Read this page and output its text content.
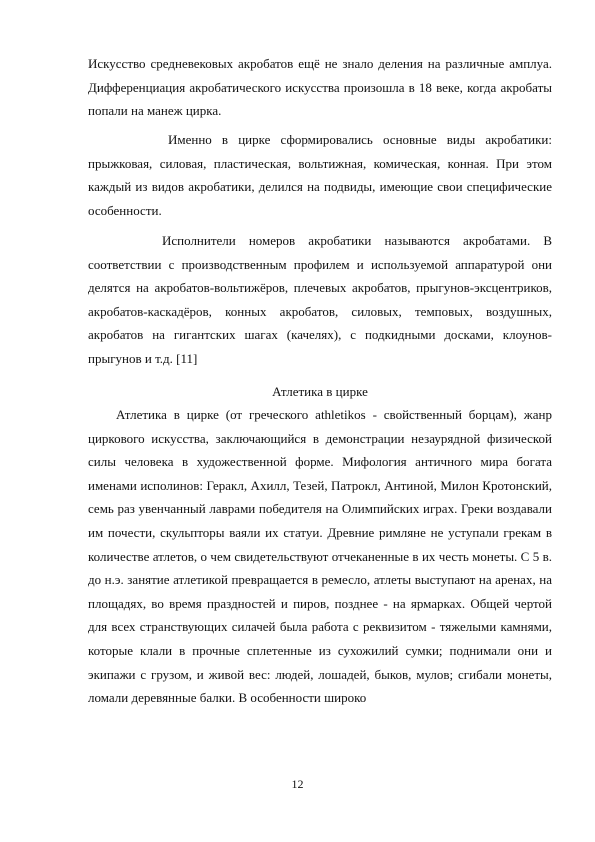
Искусство средневековых акробатов ещё не знало деления на различные амплуа. Дифференциация акробатического искусства произошла в 18 веке, когда акробаты попали на манеж цирка.

Именно в цирке сформировались основные виды акробатики: прыжковая, силовая, пластическая, вольтижная, комическая, конная. При этом каждый из видов акробатики, делился на подвиды, имеющие свои специфические особенности.

Исполнители номеров акробатики называются акробатами. В соответствии с производственным профилем и используемой аппаратурой они делятся на акробатов-вольтижёров, плечевых акробатов, прыгунов-эксцентриков, акробатов-каскадёров, конных акробатов, силовых, темповых, воздушных, акробатов на гигантских шагах (качелях), с подкидными досками, клоунов-прыгунов и т.д. [11]

Атлетика в цирке

Атлетика в цирке (от греческого athletikos - свойственный борцам), жанр циркового искусства, заключающийся в демонстрации незаурядной физической силы человека в художественной форме. Мифология античного мира богата именами исполинов: Геракл, Ахилл, Тезей, Патрокл, Антиной, Милон Кротонский, семь раз увенчанный лаврами победителя на Олимпийских играх. Греки воздавали им почести, скульпторы ваяли их статуи. Древние римляне не уступали грекам в количестве атлетов, о чем свидетельствуют отчеканенные в их честь монеты. С 5 в. до н.э. занятие атлетикой превращается в ремесло, атлеты выступают на аренах, на площадях, во время праздностей и пиров, позднее - на ярмарках. Общей чертой для всех странствующих силачей была работа с реквизитом - тяжелыми камнями, которые клали в прочные сплетенные из сухожилий сумки; поднимали они и экипажи с грузом, и живой вес: людей, лошадей, быков, мулов; сгибали монеты, ломали деревянные балки. В особенности широко

12
